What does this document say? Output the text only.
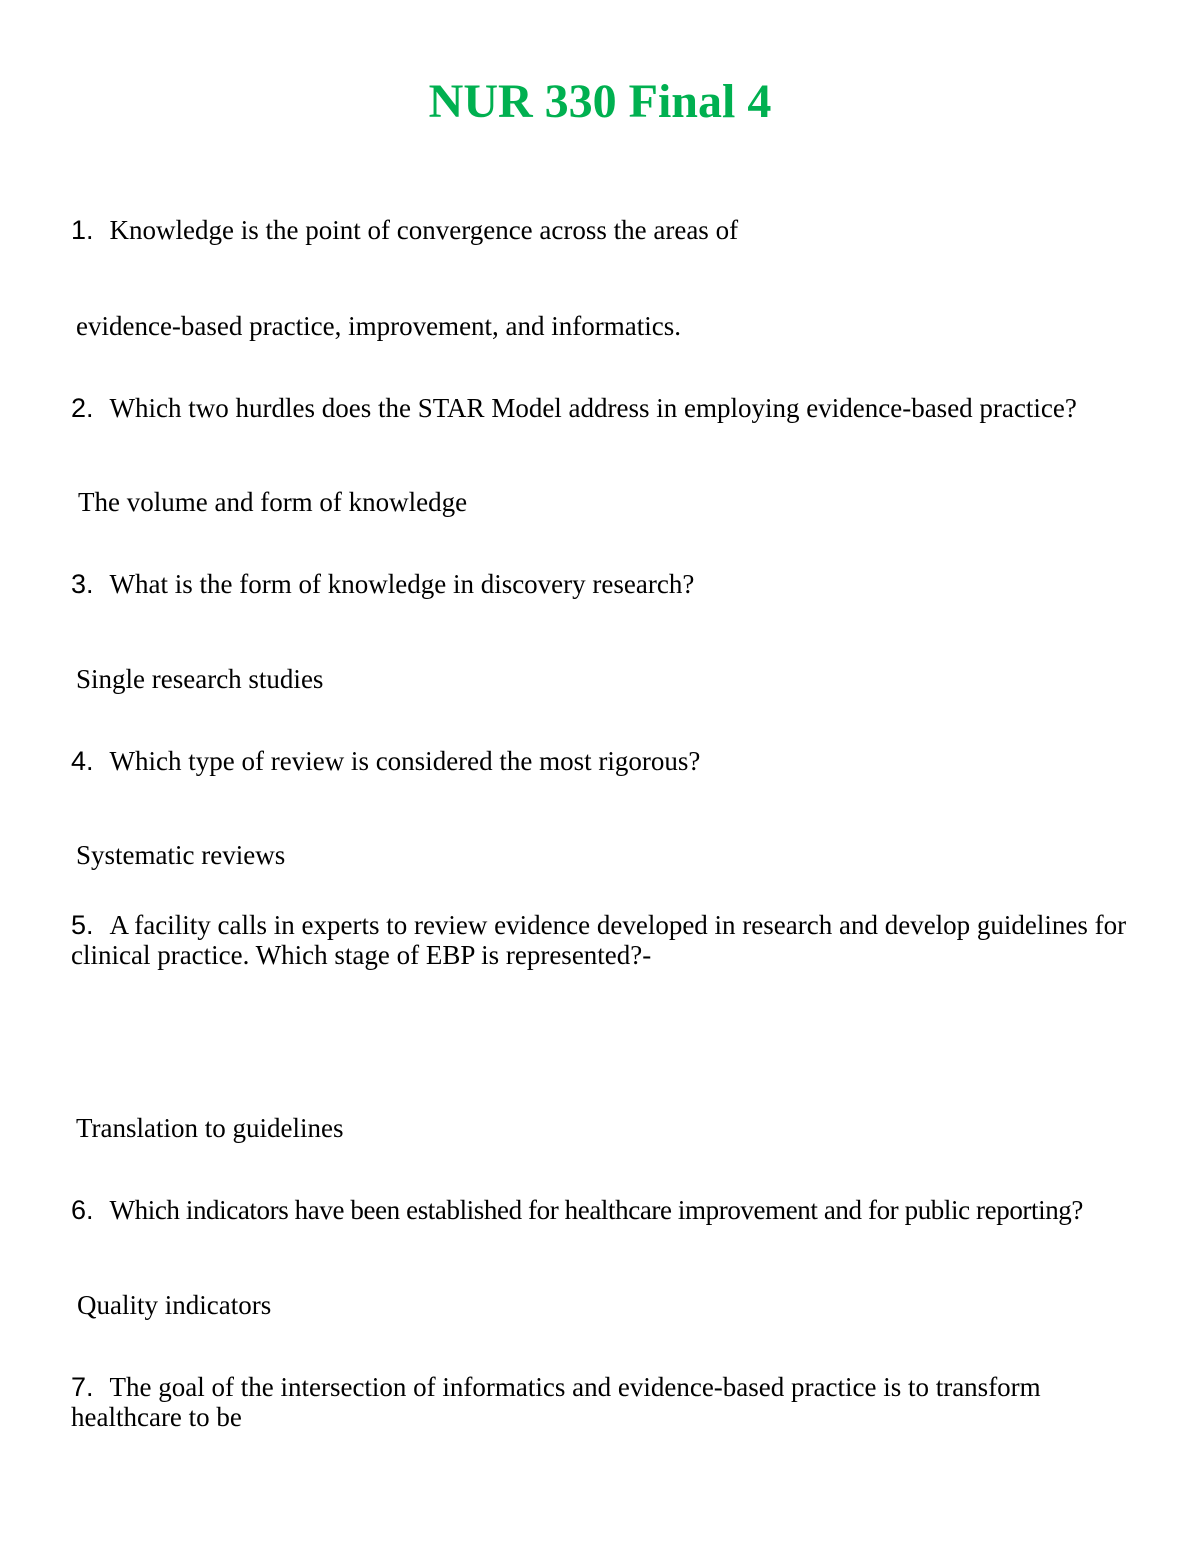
NUR 330 Final 4

1. Knowledge is the point of convergence across the areas of

evidence-based practice, improvement, and informatics.

2. Which two hurdles does the STAR Model address in employing evidence-based practice?

The volume and form of knowledge

3. What is the form of knowledge in discovery research?

Single research studies

4. Which type of review is considered the most rigorous?

Systematic reviews

5. A facility calls in experts to review evidence developed in research and develop guidelines for clinical practice. Which stage of EBP is represented?-

Translation to guidelines

6. Which indicators have been established for healthcare improvement and for public reporting?

Quality indicators

7. The goal of the intersection of informatics and evidence-based practice is to transform healthcare to be
